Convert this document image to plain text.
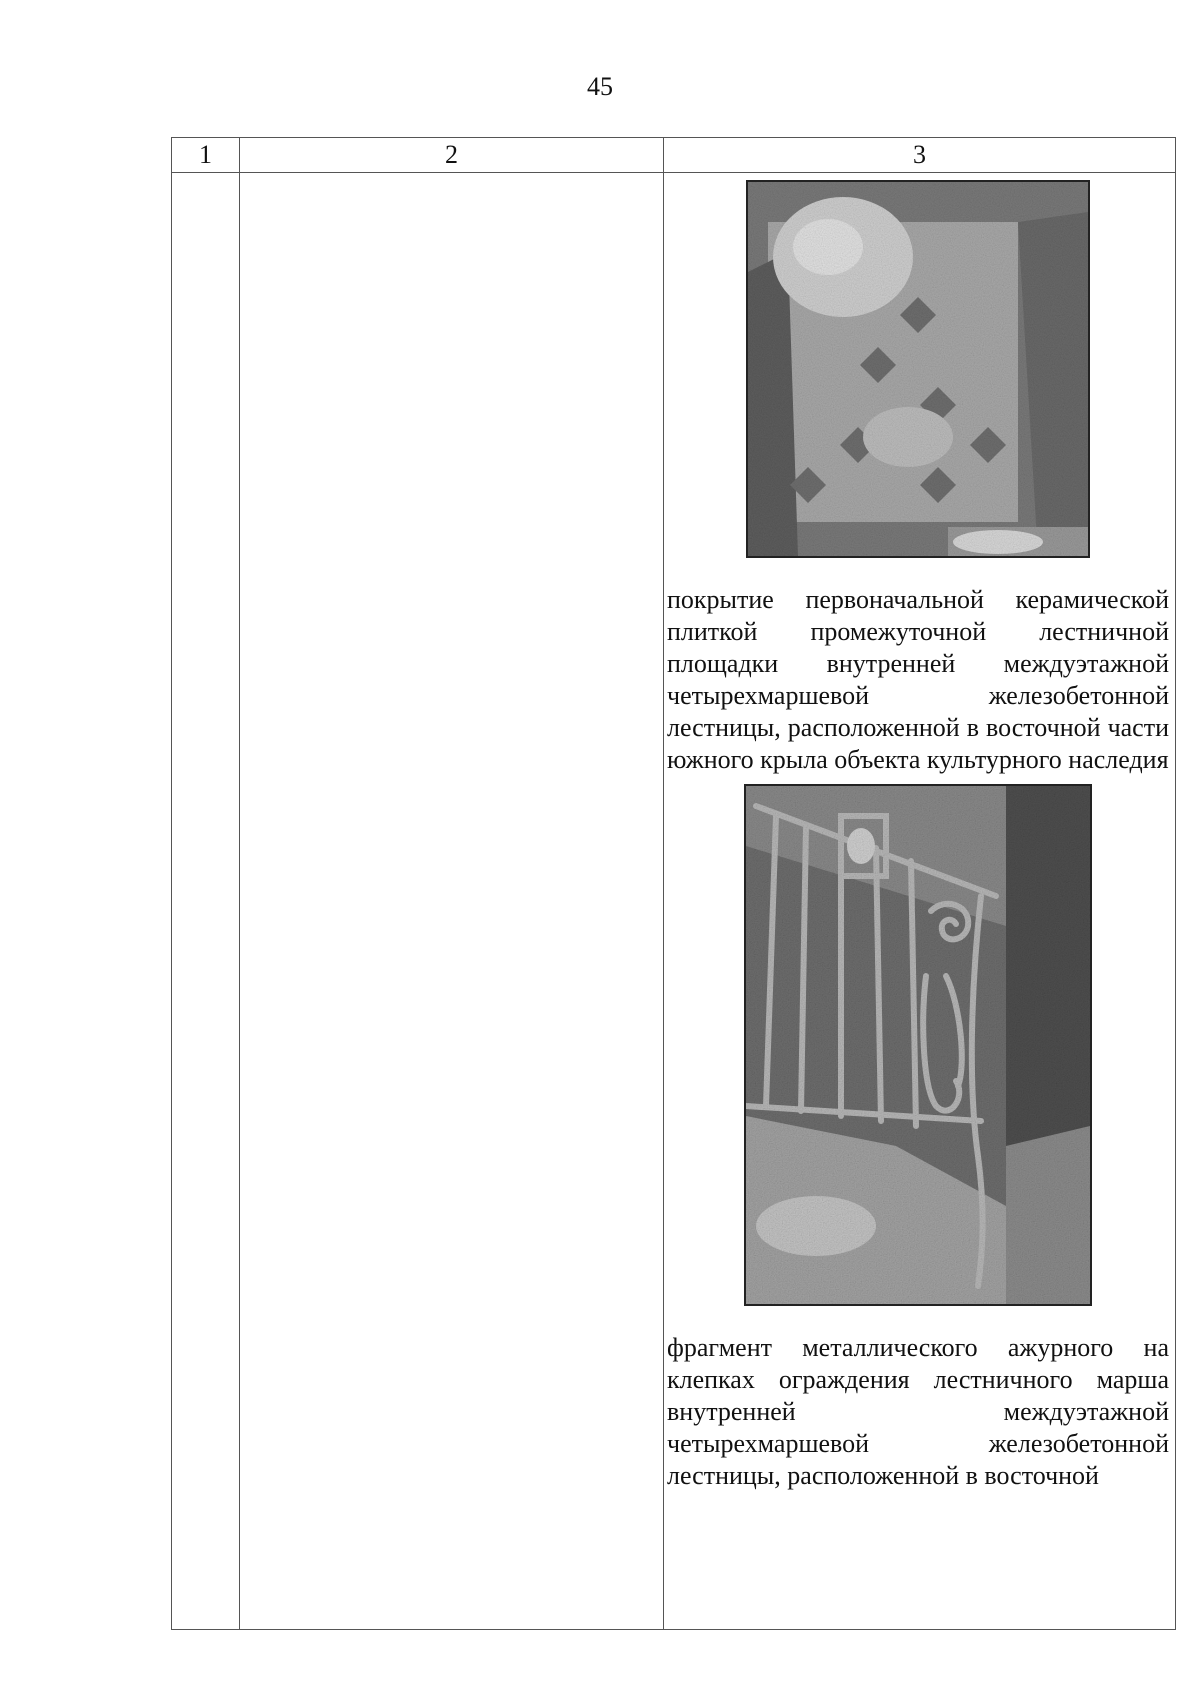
45
1	2	3

		покрытие первоначальной керамической плиткой промежуточной лестничной площадки внутренней междуэтажной четырехмаршевой железобетонной лестницы, расположенной в восточной части южного крыла объекта культурного наследия

фрагмент металлического ажурного на клепках ограждения лестничного марша внутренней междуэтажной четырехмаршевой железобетонной лестницы, расположенной в восточной
